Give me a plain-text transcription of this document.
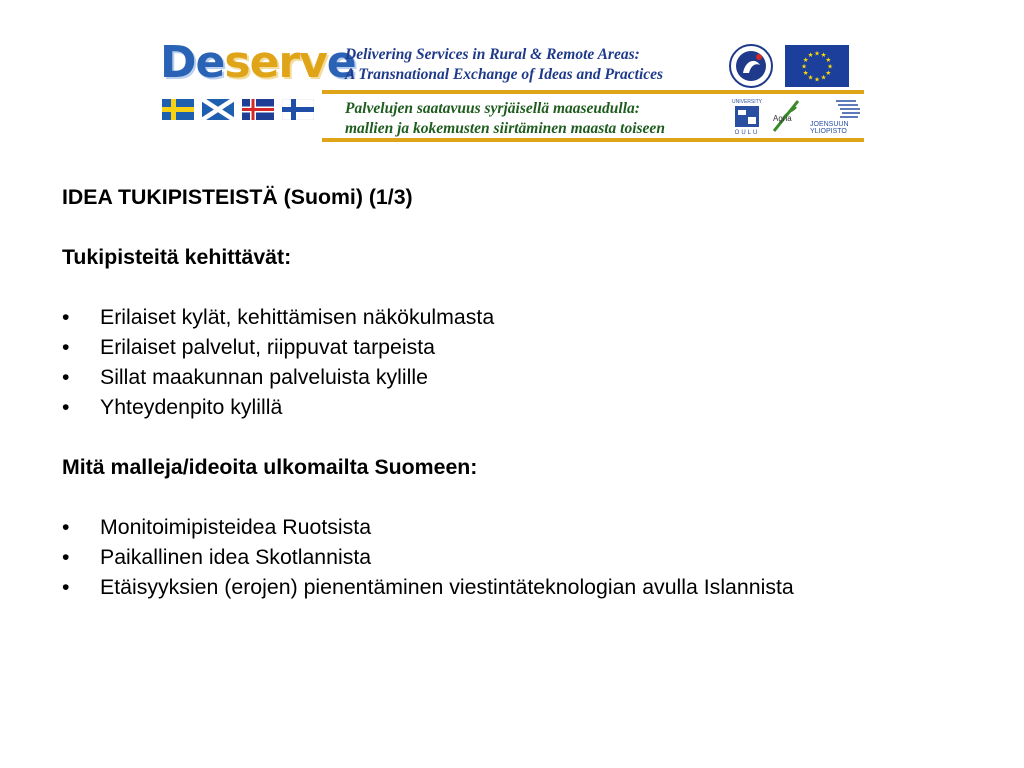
Deserve
Delivering Services in Rural & Remote Areas:
A Transnational Exchange of Ideas and Practices
Palvelujen saatavuus syrjäisellä maaseudulla:
mallien ja kokemusten siirtäminen maasta toiseen
★ ★
★
★
★
★
★
★
★
★
★
★
UNIVERSITY
OULU
Agria
JOENSUUN
YLIOPISTO

IDEA TUKIPISTEISTÄ (Suomi) (1/3)

Tukipisteitä kehittävät:

• Erilaiset kylät, kehittämisen näkökulmasta
• Erilaiset palvelut, riippuvat tarpeista
• Sillat maakunnan palveluista kylille
• Yhteydenpito kylillä

Mitä malleja/ideoita ulkomailta Suomeen:

• Monitoimipisteidea Ruotsista
• Paikallinen idea Skotlannista
• Etäisyyksien (erojen) pienentäminen viestintäteknologian avulla Islannista
